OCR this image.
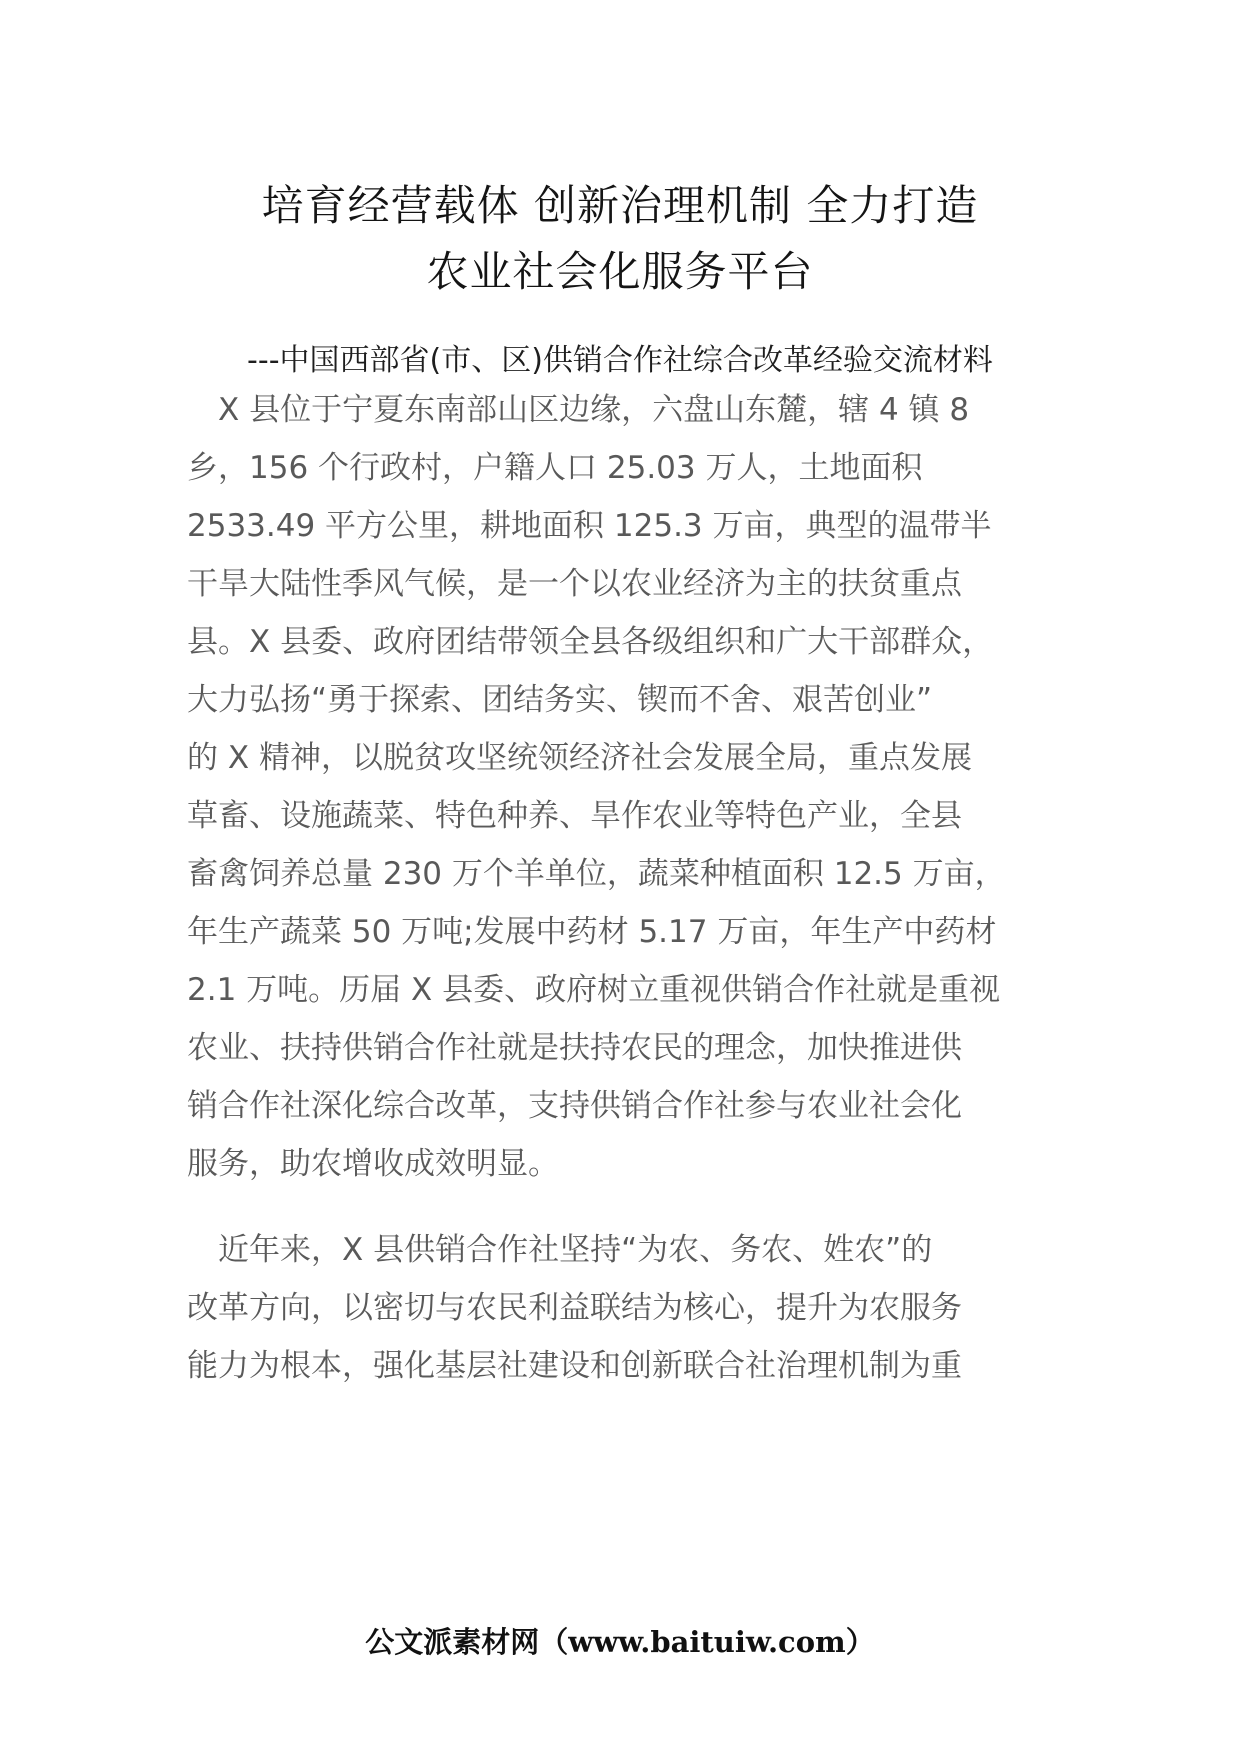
培育经营载体 创新治理机制 全力打造
农业社会化服务平台
---中国西部省(市、区)供销合作社综合改革经验交流材料
　X 县位于宁夏东南部山区边缘，六盘山东麓，辖 4 镇 8
乡，156 个行政村，户籍人口 25.03 万人，土地面积
2533.49 平方公里，耕地面积 125.3 万亩，典型的温带半
干旱大陆性季风气候，是一个以农业经济为主的扶贫重点
县。X 县委、政府团结带领全县各级组织和广大干部群众，
大力弘扬“勇于探索、团结务实、锲而不舍、艰苦创业”
的 X 精神，以脱贫攻坚统领经济社会发展全局，重点发展
草畜、设施蔬菜、特色种养、旱作农业等特色产业，全县
畜禽饲养总量 230 万个羊单位，蔬菜种植面积 12.5 万亩，
年生产蔬菜 50 万吨;发展中药材 5.17 万亩，年生产中药材
2.1 万吨。历届 X 县委、政府树立重视供销合作社就是重视
农业、扶持供销合作社就是扶持农民的理念，加快推进供
销合作社深化综合改革，支持供销合作社参与农业社会化
服务，助农增收成效明显。
　近年来，X 县供销合作社坚持“为农、务农、姓农”的
改革方向，以密切与农民利益联结为核心，提升为农服务
能力为根本，强化基层社建设和创新联合社治理机制为重
公文派素材网（www.baituiw.com）
